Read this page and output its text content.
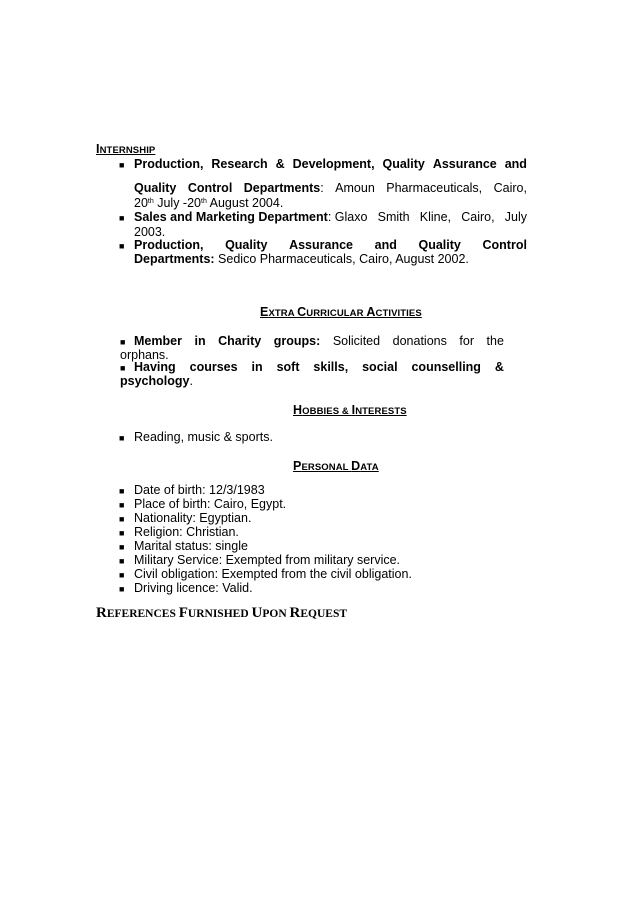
INTERNSHIP
■ Production, Research & Development, Quality Assurance and
Quality Control Departments: Amoun Pharmaceuticals, Cairo,
20th July -20th August 2004.
■ Sales and Marketing Department: Glaxo Smith Kline, Cairo, July
2003.
■ Production, Quality Assurance and Quality Control
Departments: Sedico Pharmaceuticals, Cairo, August 2002.
EXTRA CURRICULAR ACTIVITIES
■ Member in Charity groups: Solicited donations for the
orphans.
■ Having courses in soft skills, social counselling &
psychology.
HOBBIES & INTERESTS
■ Reading, music & sports.
PERSONAL DATA
■ Date of birth: 12/3/1983
■ Place of birth: Cairo, Egypt.
■ Nationality: Egyptian.
■ Religion: Christian.
■ Marital status: single
■ Military Service: Exempted from military service.
■ Civil obligation: Exempted from the civil obligation.
■ Driving licence: Valid.
REFERENCES FURNISHED UPON REQUEST
